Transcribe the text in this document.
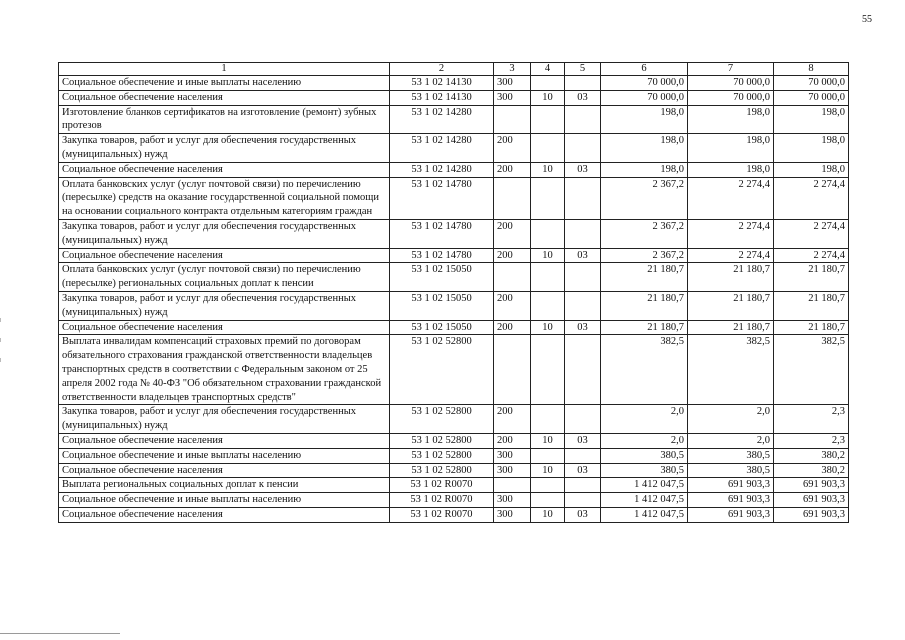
55
1	2	3	4	5	6	7	8
Социальное обеспечение и иные выплаты населению	53 1 02 14130	300			70 000,0	70 000,0	70 000,0
Социальное обеспечение населения	53 1 02 14130	300	10	03	70 000,0	70 000,0	70 000,0
Изготовление бланков сертификатов на изготовление (ремонт) зубных протезов	53 1 02 14280				198,0	198,0	198,0
Закупка товаров, работ и услуг для обеспечения государственных (муниципальных) нужд	53 1 02 14280	200			198,0	198,0	198,0
Социальное обеспечение населения	53 1 02 14280	200	10	03	198,0	198,0	198,0
Оплата банковских услуг (услуг почтовой связи) по перечислению (пересылке) средств на оказание государственной социальной помощи на основании социального контракта отдельным категориям граждан	53 1 02 14780				2 367,2	2 274,4	2 274,4
Закупка товаров, работ и услуг для обеспечения государственных (муниципальных) нужд	53 1 02 14780	200			2 367,2	2 274,4	2 274,4
Социальное обеспечение населения	53 1 02 14780	200	10	03	2 367,2	2 274,4	2 274,4
Оплата банковских услуг (услуг почтовой связи) по перечислению (пересылке) региональных социальных доплат к пенсии	53 1 02 15050				21 180,7	21 180,7	21 180,7
Закупка товаров, работ и услуг для обеспечения государственных (муниципальных) нужд	53 1 02 15050	200			21 180,7	21 180,7	21 180,7
Социальное обеспечение населения	53 1 02 15050	200	10	03	21 180,7	21 180,7	21 180,7
Выплата инвалидам компенсаций страховых премий по договорам обязательного страхования гражданской ответственности владельцев транспортных средств в соответствии с Федеральным законом от 25 апреля 2002 года № 40-ФЗ "Об обязательном страховании гражданской ответственности владельцев транспортных средств"	53 1 02 52800				382,5	382,5	382,5
Закупка товаров, работ и услуг для обеспечения государственных (муниципальных) нужд	53 1 02 52800	200			2,0	2,0	2,3
Социальное обеспечение населения	53 1 02 52800	200	10	03	2,0	2,0	2,3
Социальное обеспечение и иные выплаты населению	53 1 02 52800	300			380,5	380,5	380,2
Социальное обеспечение населения	53 1 02 52800	300	10	03	380,5	380,5	380,2
Выплата региональных социальных доплат к пенсии	53 1 02 R0070				1 412 047,5	691 903,3	691 903,3
Социальное обеспечение и иные выплаты населению	53 1 02 R0070	300			1 412 047,5	691 903,3	691 903,3
Социальное обеспечение населения	53 1 02 R0070	300	10	03	1 412 047,5	691 903,3	691 903,3
